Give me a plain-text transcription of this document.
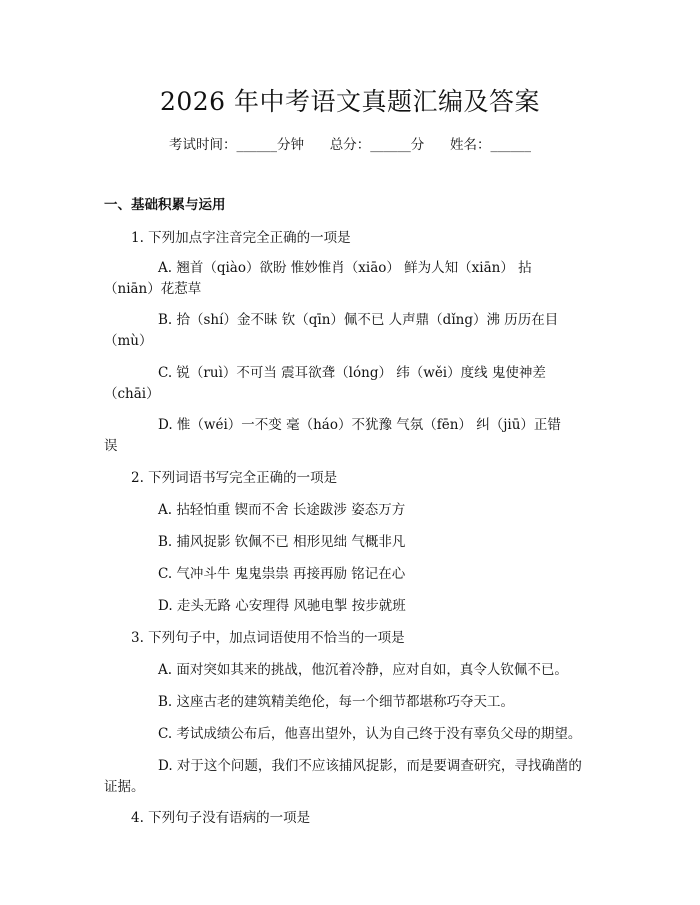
2026 年中考语文真题汇编及答案
考试时间：______分钟      总分：______分      姓名：______
一、基础积累与运用
1. 下列加点字注音完全正确的一项是
A. 翘首（qiào）欲盼 惟妙惟肖（xiāo） 鲜为人知（xiān） 拈
（niān）花惹草
B. 拾（shí）金不昧 钦（qīn）佩不已 人声鼎（dǐng）沸 历历在目
（mù）
C. 锐（ruì）不可当 震耳欲聋（lóng） 纬（wěi）度线 鬼使神差
（chāi）
D. 惟（wéi）一不变 毫（háo）不犹豫 气氛（fēn） 纠（jiū）正错
误
2. 下列词语书写完全正确的一项是
A. 拈轻怕重 锲而不舍 长途跋涉 姿态万方
B. 捕风捉影 钦佩不已 相形见绌 气概非凡
C. 气冲斗牛 鬼鬼祟祟 再接再励 铭记在心
D. 走头无路 心安理得 风驰电掣 按步就班
3. 下列句子中，加点词语使用不恰当的一项是
A. 面对突如其来的挑战，他沉着冷静，应对自如，真令人钦佩不已。
B. 这座古老的建筑精美绝伦，每一个细节都堪称巧夺天工。
C. 考试成绩公布后，他喜出望外，认为自己终于没有辜负父母的期望。
D. 对于这个问题，我们不应该捕风捉影，而是要调查研究，寻找确凿的
证据。
4. 下列句子没有语病的一项是
